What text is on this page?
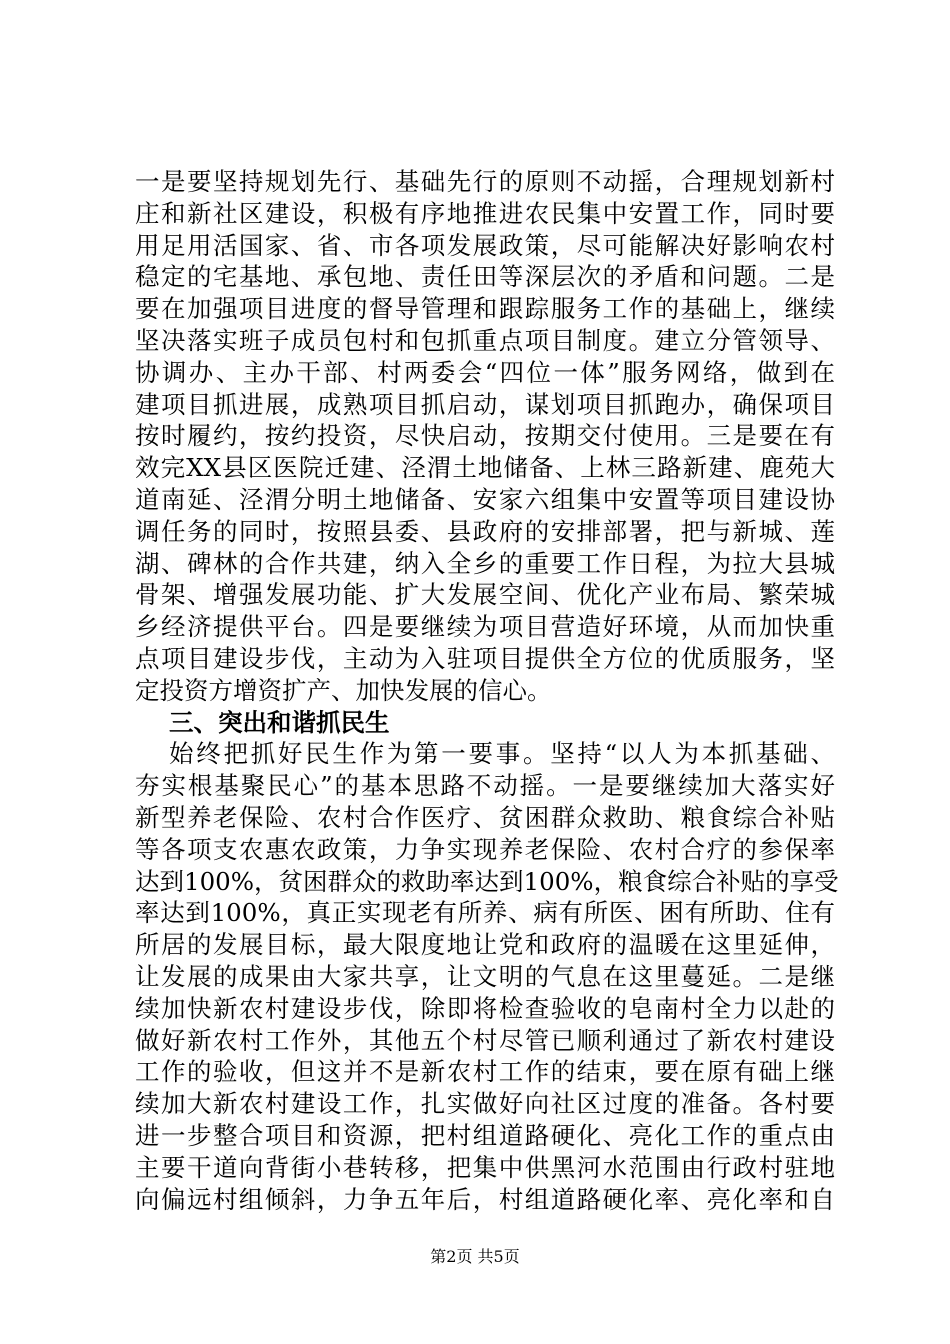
一是要坚持规划先行、基础先行的原则不动摇，合理规划新村
庄和新社区建设，积极有序地推进农民集中安置工作，同时要
用足用活国家、省、市各项发展政策，尽可能解决好影响农村
稳定的宅基地、承包地、责任田等深层次的矛盾和问题。二是
要在加强项目进度的督导管理和跟踪服务工作的基础上，继续
坚决落实班子成员包村和包抓重点项目制度。建立分管领导、
协调办、主办干部、村两委会“四位一体”服务网络，做到在
建项目抓进展，成熟项目抓启动，谋划项目抓跑办，确保项目
按时履约，按约投资，尽快启动，按期交付使用。三是要在有
效完XX县区医院迁建、泾渭土地储备、上林三路新建、鹿苑大
道南延、泾渭分明土地储备、安家六组集中安置等项目建设协
调任务的同时，按照县委、县政府的安排部署，把与新城、莲
湖、碑林的合作共建，纳入全乡的重要工作日程，为拉大县城
骨架、增强发展功能、扩大发展空间、优化产业布局、繁荣城
乡经济提供平台。四是要继续为项目营造好环境，从而加快重
点项目建设步伐，主动为入驻项目提供全方位的优质服务，坚
定投资方增资扩产、加快发展的信心。
三、突出和谐抓民生
始终把抓好民生作为第一要事。坚持“以人为本抓基础、
夯实根基聚民心”的基本思路不动摇。一是要继续加大落实好
新型养老保险、农村合作医疗、贫困群众救助、粮食综合补贴
等各项支农惠农政策，力争实现养老保险、农村合疗的参保率
达到100%，贫困群众的救助率达到100%，粮食综合补贴的享受
率达到100%，真正实现老有所养、病有所医、困有所助、住有
所居的发展目标，最大限度地让党和政府的温暖在这里延伸，
让发展的成果由大家共享，让文明的气息在这里蔓延。二是继
续加快新农村建设步伐，除即将检查验收的皂南村全力以赴的
做好新农村工作外，其他五个村尽管已顺利通过了新农村建设
工作的验收，但这并不是新农村工作的结束，要在原有础上继
续加大新农村建设工作，扎实做好向社区过度的准备。各村要
进一步整合项目和资源，把村组道路硬化、亮化工作的重点由
主要干道向背街小巷转移，把集中供黑河水范围由行政村驻地
向偏远村组倾斜，力争五年后，村组道路硬化率、亮化率和自
第2页 共5页
